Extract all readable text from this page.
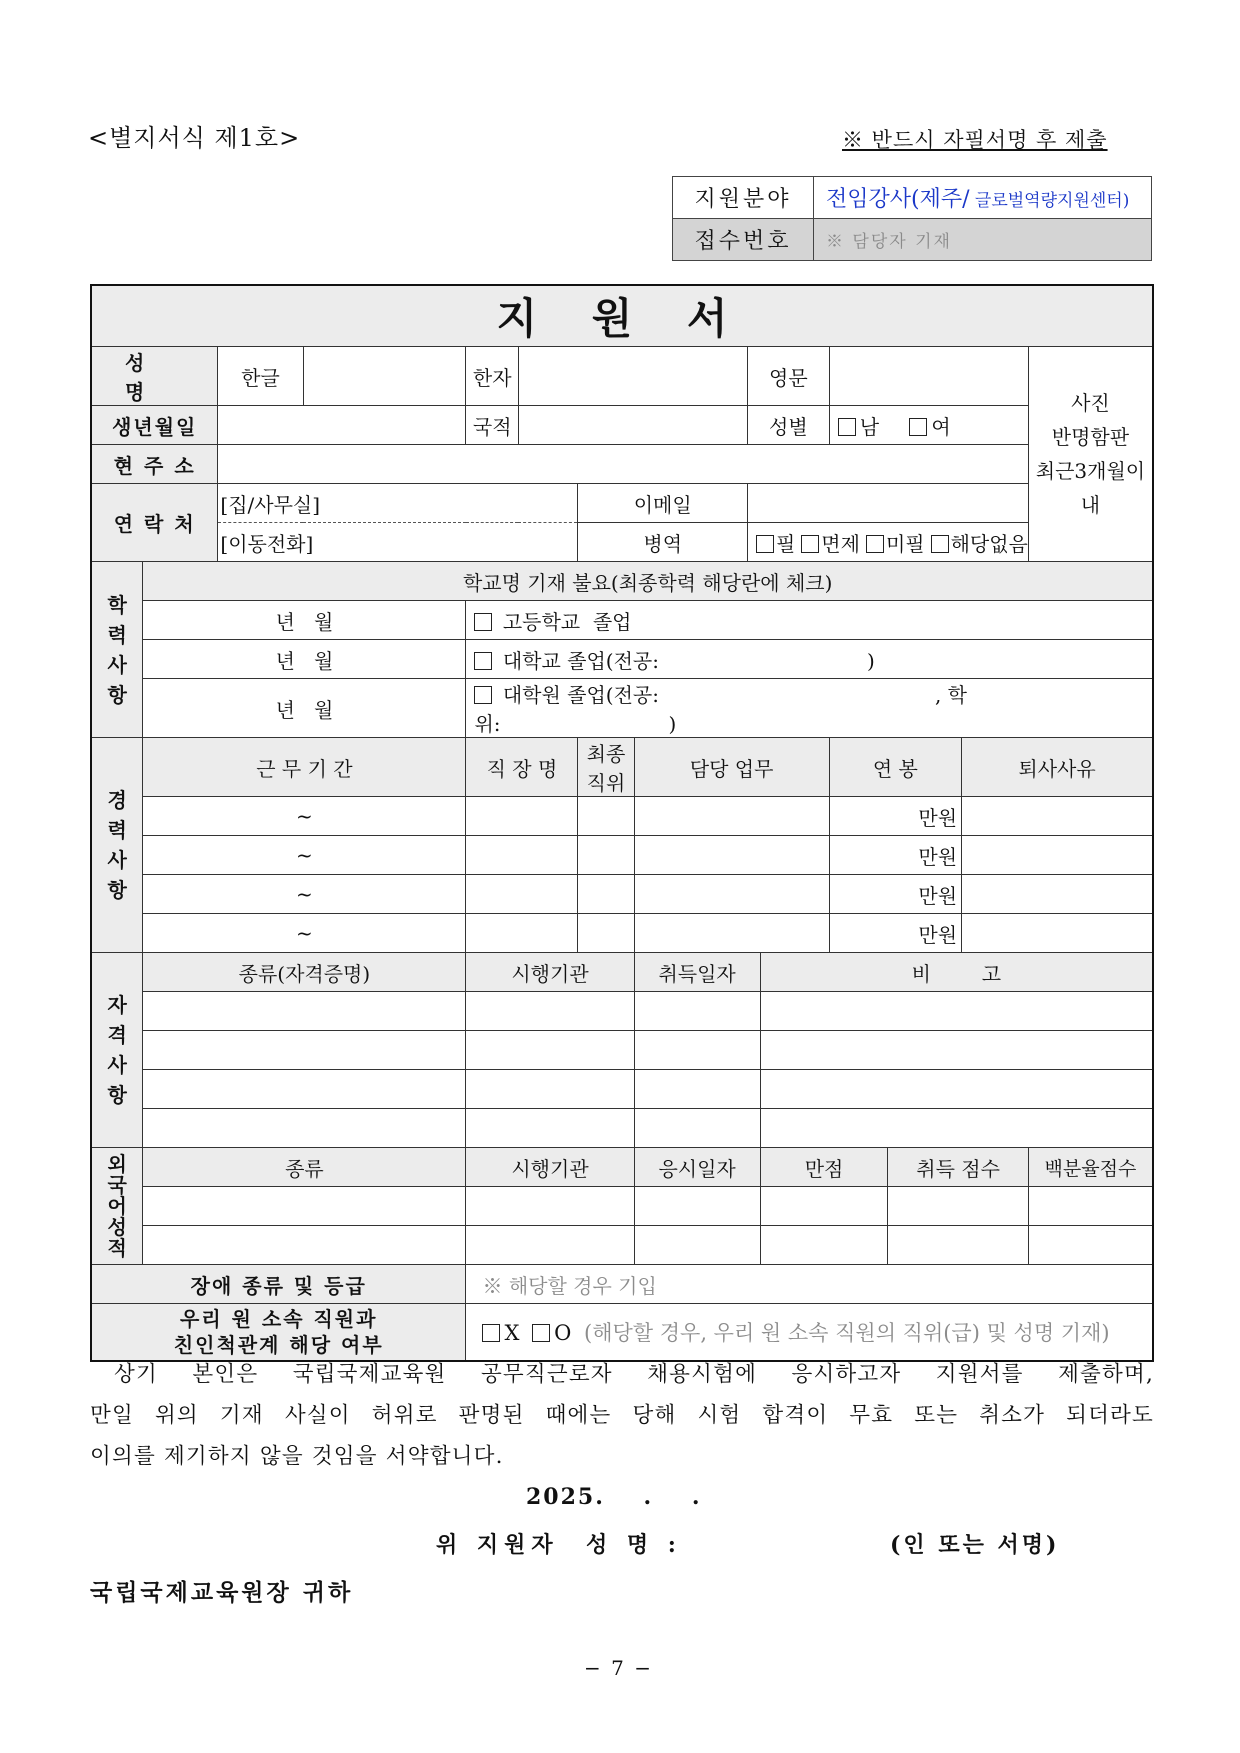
<별지서식 제1호>	※ 반드시 자필서명 후 제출
지원분야	전임강사(제주/ 글로벌역량지원센터)
접수번호	※ 담당자 기재
지 원 서													
성 명		한글		한자				영문					사진
반명함판
최근3개월이내
생년월일				국적				성별		남 여			
현 주 소													
연 락 처		[집/사무실]				이메일							
		[이동전화]				병역		필 면제 미필 해당없음					

학
력
사
항	학교명 기재 불요(최종학력 해당란에 체크)												
	년   월			고등학교  졸업									
	년   월			대학교 졸업(전공: )									
	년   월			대학원 졸업(전공: , 학위: )									

경
력
사
항	근 무 기 간			직 장 명		최종직위	담당 업무			연 봉		퇴사사유	
	~									만원			
	~									만원			
	~									만원			
	~									만원			

자
격
사
항	종류(자격증명)			시행기관			취득일자		비        고				

외
국
어
성
적	종류			시행기관			응시일자		만점		취득 점수		백분율점수

장애 종류 및 등급				※ 해당할 경우 기입									
우리 원 소속 직원과
친인척관계 해당 여부				X O (해당할 경우, 우리 원 소속 직원의 직위(급) 및 성명 기재)									
상기 본인은 국립국제교육원 공무직근로자 채용시험에 응시하고자 지원서를 제출하며,
만일 위의 기재 사실이 허위로 판명된 때에는 당해 시험 합격이 무효 또는 취소가 되더라도
이의를 제기하지 않을 것임을 서약합니다.
2025.    .    .
위 지원자  성 명 :	(인 또는 서명)
국립국제교육원장 귀하
− 7 −
